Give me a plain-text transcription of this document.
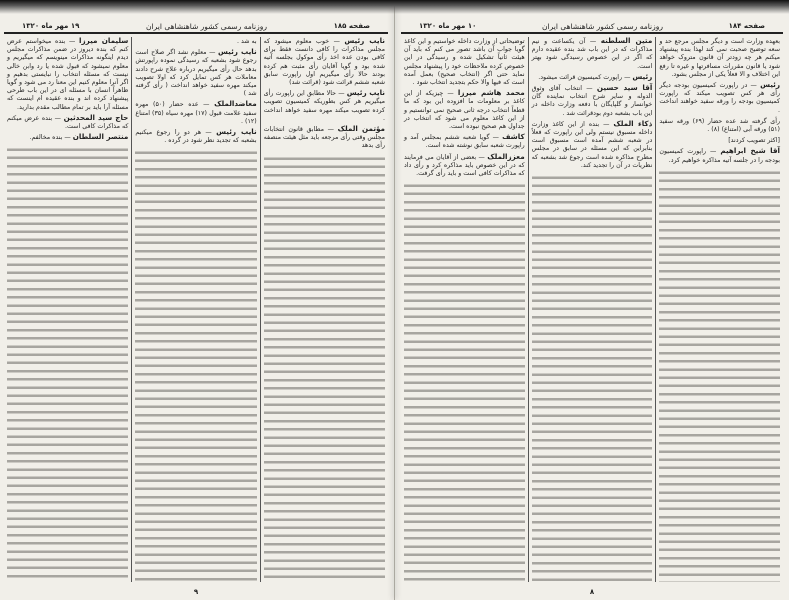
صفحه ۱۸۵
روزنامه رسمی کشور شاهنشاهی ایران
۱۹ مهر ماه ۱۳۲۰

نایب رئیس — خوب معلوم میشود که مجلس مذاکرات را کافی دانست فقط برای کافی بودن عده اخذ رأی موکول بجلسه آتیه شده بود و گویا آقایان رأی مثبت هم کرده بودند حالا رأی میگیریم اول راپورت سابق شعبه ششم قرائت شود (قرائت شد)

نایب رئیس — حالا مطابق این راپورت رأی میگیریم هر کس بطوریکه کمیسیون تصویب کرده تصویب میکند مهره سفید خواهد انداخت .

مؤتمن الملک — مطابق قانون انتخابات مجلس وقتی رأی مرجعه باید مثل هیئت منصفه رأی بدهد

به شد .

نایب رئیس — معلوم نشد اگر صلاح است رجوع شود بشعبه که رسیدگی نموده راپورتش بدهد حال رأی میگیریم درباره علاج شرح دادند معاملات هر کس تمایل کرد که اولا تصویب میکند مهره سفید خواهد انداخت ( رأی گرفته شد )

معاضدالملک — عده حضار (۵۰) مهره سفید علامت قبول (۱۷) مهره سیاه (۳۵) امتناع (۱۲) .

نایب رئیس — هر دو را رجوع میکنیم بشعبه که تجدید نظر شود در گرده .

سلیمان میرزا — بنده میخواستم عرض کنم که بنده دیروز در ضمن مذاکرات مجلس دیدم اینگونه مذاکرات مینویسم که میگیریم و معلوم نمیشود که قبول شده یا رد وابن خالی نیست که مسئله انتخاب را نبایستی بدهیم و اگر آنرا معلوم کنیم این معنا رد می شود و گویا ظاهراً انسان با مسئله ای در این باب طرحی پیشنهاد کرده اند و بنده عقیده ام اینست که مسئله آرا باید بر تمام مطالب مقدم بدارید.

حاج سید المحدثین — بنده عرض میکنم که مذاکرات کافی است.

منتصر السلطان — بنده مخالفم.

۹
صفحه ۱۸۴
روزنامه رسمی کشور شاهنشاهی ایران
۱۰ مهر ماه ۱۳۲۰

بعهده وزارت است و دیگر مجلس مرجع حد و سعه توضیح صحبت نمی کند لهذا بنده پیشنهاد میکنم هر چه زودتر آن قانون متروک خواهد شود یا قانون مقررات مسافرتها و غیره تا رفع این اختلاف و الا فعلاً یکی از مجلس بشود.

رئیس — در راپورت کمیسیون بودجه دیگر رأی هر کس تصویب میکند که راپورت کمیسیون بودجه را ورقه سفید خواهند انداخت .

رأی گرفته شد عده حضار (۶۹) ورقه سفید (۵۱) ورقه آبی (امتناع) (۸) .

[اکثر تصویب کردند]

آقا شیخ ابراهیم — راپورت کمیسیون بودجه را در جلسه آتیه مذاکره خواهیم کرد.

متین السلطنه — آن یکساعت و نیم مذاکرات که در این باب شد بنده عقیده دارم که اگر در این خصوص رسیدگی شود بهتر است.

رئیس — راپورت کمیسیون قرائت میشود.

آقا سید حسین — انتخاب آقای وثوق الدوله و سایر شرح انتخاب نماینده گان خوانسار و گلپایگان با دفعه وزارت داخله در این باب بشعبه دوم بودقرائت شد .

ذکاء الملک — بنده از این کاغذ وزارت داخله مسبوق نیستم ولی این راپورت که فعلاً در شعبه ششم آمده است مسبوق است بنابراین که این مسئله در سابق در مجلس مطرح مذاکره شده است رجوع شد بشعبه که نظریات در آن را تجدید کند.

توضیحاتی از وزارت داخله خواستیم و این کاغذ گویا جواب آن باشد تصور می کنم که باید آن هیئت ثانیاً تشکیل شده و رسیدگی در این خصوص کرده ملاحظات خود را پیشنهاد مجلس نماید حتی اگر (انتخاب صحیح) بعمل آمده است که فیها والا حکم بتجدید انتخاب شود .

محمد هاشم میرزا — چیزیکه از این کاغذ بر معلومات ما افزوده این بود که ما قطعاً انتخاب درجه ثانی صحیح نمی توانستیم و از این کاغذ معلوم می شود که انتخاب در جداول هم صحیح نبوده است.

کاشف — گویا شعبه ششم بمجلس آمد و راپورت شعبه سابق نوشته شده است.

معززالملک — بعضی از آقایان می فرمایند که در این خصوص باید مذاکره کرد و رأی داد که مذاکرات کافی است و باید رأی گرفت.

۸
